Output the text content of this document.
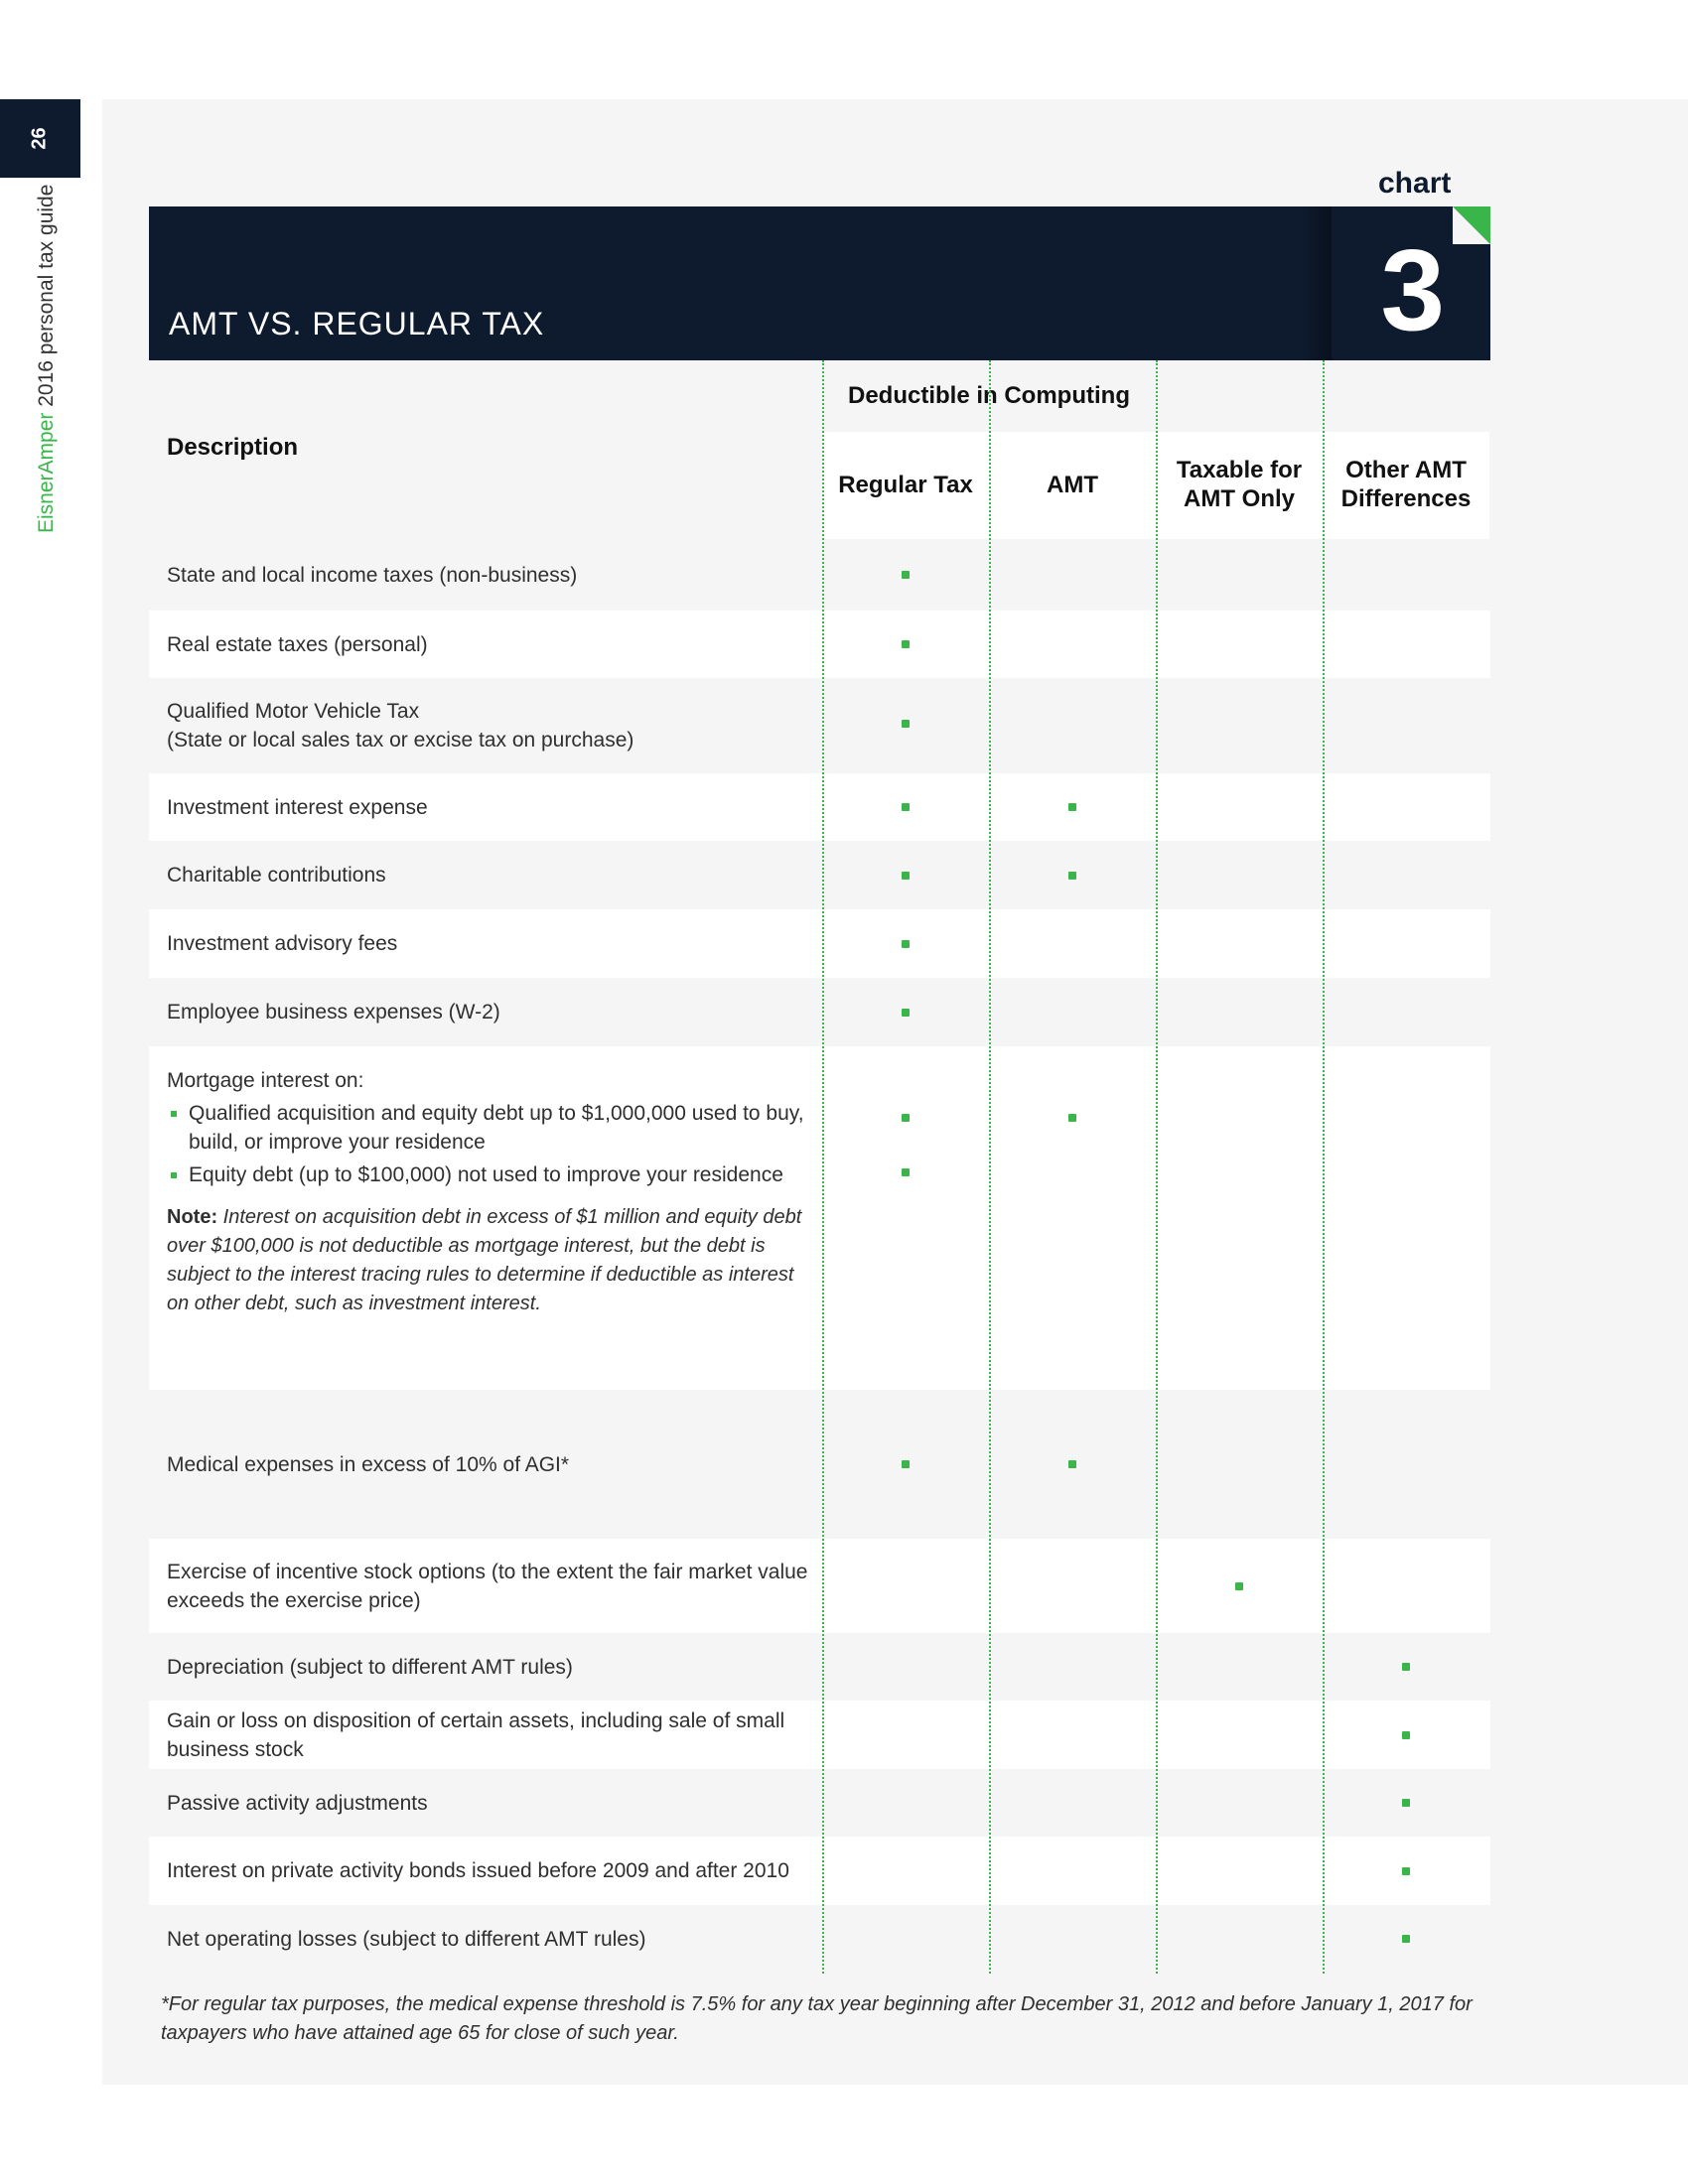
26
EisnerAmper 2016 personal tax guide
chart
AMT VS. REGULAR TAX	3
Description
Deductible in Computing
Regular Tax	AMT
Taxable for AMT Only
Other AMT Differences
State and local income taxes (non-business)
Real estate taxes (personal)
Qualified Motor Vehicle Tax
(State or local sales tax or excise tax on purchase)
Investment interest expense
Charitable contributions
Investment advisory fees
Employee business expenses (W-2)
Mortgage interest on:
Qualified acquisition and equity debt up to $1,000,000 used to buy, build, or improve your residence
Equity debt (up to $100,000) not used to improve your residence
Note: Interest on acquisition debt in excess of $1 million and equity debt over $100,000 is not deductible as mortgage interest, but the debt is subject to the interest tracing rules to determine if deductible as interest on other debt, such as investment interest.
Medical expenses in excess of 10% of AGI*
Exercise of incentive stock options (to the extent the fair market value exceeds the exercise price)
Depreciation (subject to different AMT rules)
Gain or loss on disposition of certain assets, including sale of small business stock
Passive activity adjustments
Interest on private activity bonds issued before 2009 and after 2010
Net operating losses (subject to different AMT rules)
*For regular tax purposes, the medical expense threshold is 7.5% for any tax year beginning after December 31, 2012 and before January 1, 2017 for taxpayers who have attained age 65 for close of such year.
